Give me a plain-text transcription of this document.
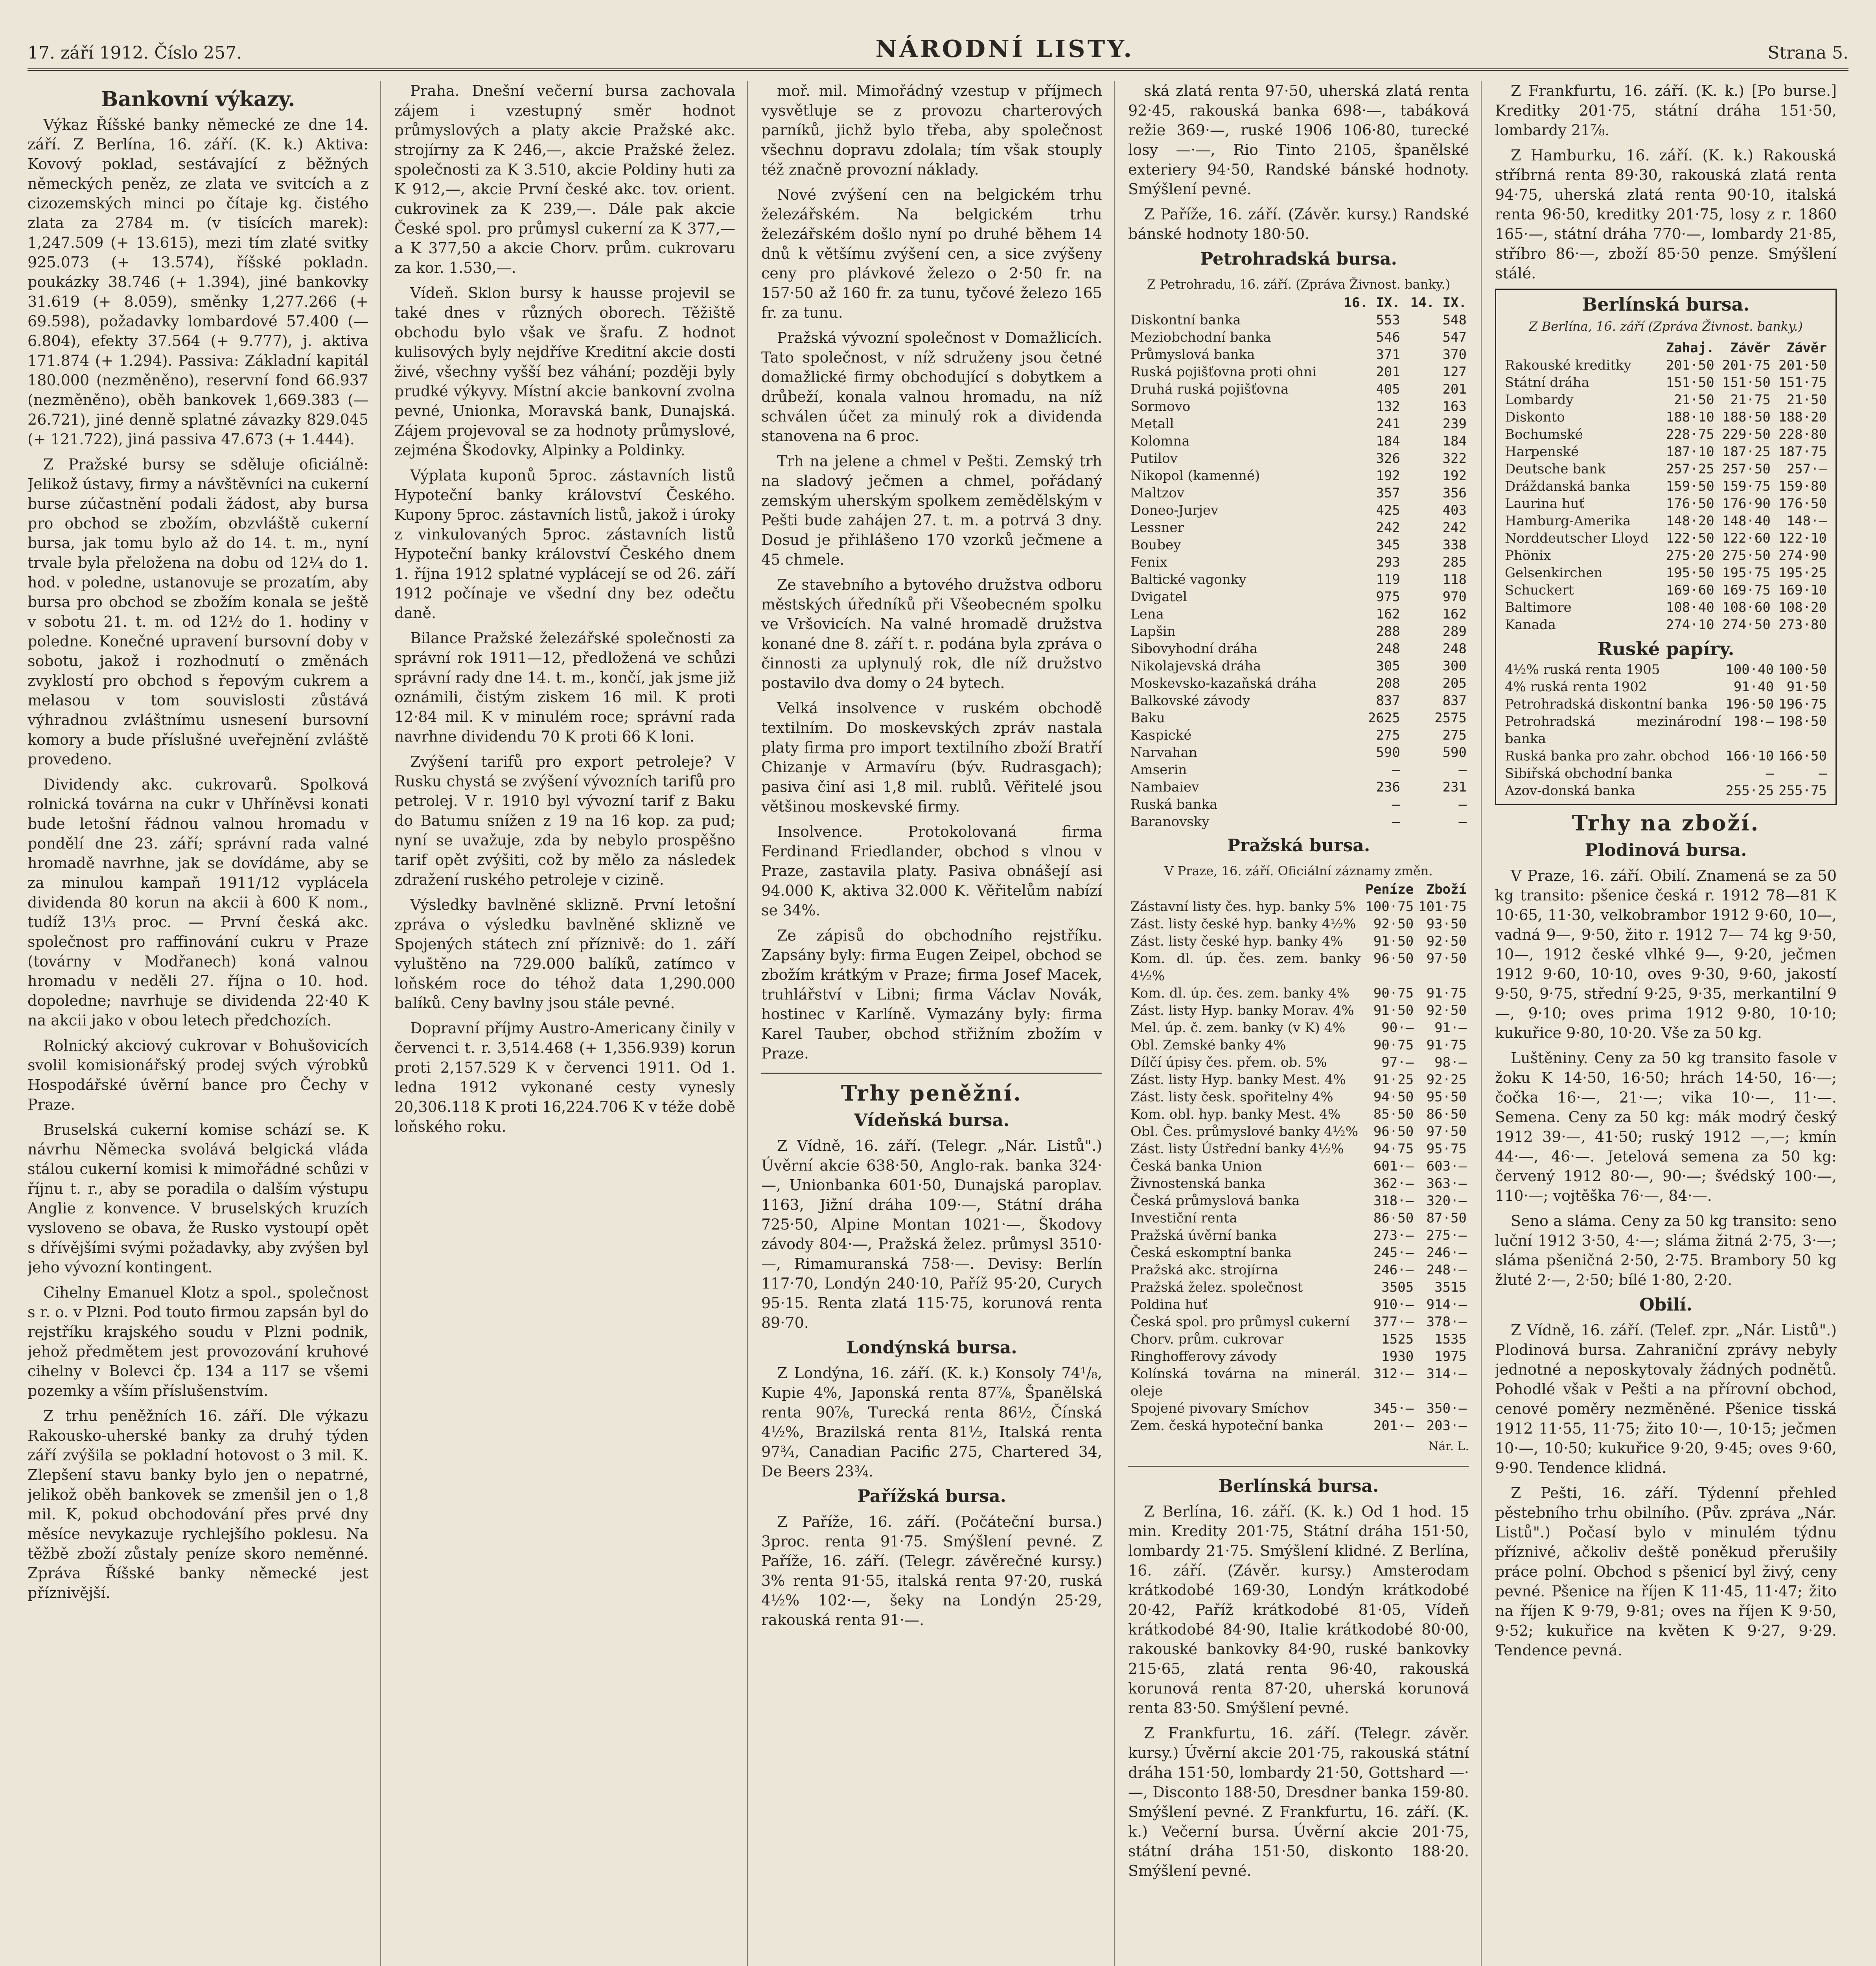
17. září 1912. Číslo 257.	NÁRODNÍ LISTY.	Strana 5.
Bankovní výkazy.

Výkaz Říšské banky německé ze dne 14. září. Z Berlína, 16. září. (K. k.) Aktiva: Kovový poklad, sestávající z běžných německých peněz, ze zlata ve svitcích a z cizozemských minci po čítaje kg. čistého zlata za 2784 m. (v tisících marek): 1,247.509 (+ 13.615), mezi tím zlaté svitky 925.073 (+ 13.574), říšské pokladn. poukázky 38.746 (+ 1.394), jiné bankovky 31.619 (+ 8.059), směnky 1,277.266 (+ 69.598), požadavky lombardové 57.400 (— 6.804), efekty 37.564 (+ 9.777), j. aktiva 171.874 (+ 1.294). Passiva: Základní kapitál 180.000 (nezměněno), reservní fond 66.937 (nezměněno), oběh bankovek 1,669.383 (— 26.721), jiné denně splatné závazky 829.045 (+ 121.722), jiná passiva 47.673 (+ 1.444).

Z Pražské bursy se sděluje oficiálně: Jelikož ústavy, firmy a návštěvníci na cukerní burse zúčastnění podali žádost, aby bursa pro obchod se zbožím, obzvláště cukerní bursa, jak tomu bylo až do 14. t. m., nyní trvale byla přeložena na dobu od 12¼ do 1. hod. v poledne, ustanovuje se prozatím, aby bursa pro obchod se zbožím konala se ještě v sobotu 21. t. m. od 12½ do 1. hodiny v poledne. Konečné upravení bursovní doby v sobotu, jakož i rozhodnutí o změnách zvyklostí pro obchod s řepovým cukrem a melasou v tom souvislosti zůstává výhradnou zvláštnímu usnesení bursovní komory a bude příslušné uveřejnění zvláště provedeno.

Dividendy akc. cukrovarů. Spolková rolnická továrna na cukr v Uhříněvsi konati bude letošní řádnou valnou hromadu v pondělí dne 23. září; správní rada valné hromadě navrhne, jak se dovídáme, aby se za minulou kampaň 1911/12 vyplácela dividenda 80 korun na akcii à 600 K nom., tudíž 13⅓ proc. — První česká akc. společnost pro raffinování cukru v Praze (továrny v Modřanech) koná valnou hromadu v neděli 27. října o 10. hod. dopoledne; navrhuje se dividenda 22·40 K na akcii jako v obou letech předchozích.

Rolnický akciový cukrovar v Bohušovicích svolil komisionářský prodej svých výrobků Hospodářské úvěrní bance pro Čechy v Praze.

Bruselská cukerní komise schází se. K návrhu Německa svolává belgická vláda stálou cukerní komisi k mimořádné schůzi v říjnu t. r., aby se poradila o dalším výstupu Anglie z konvence. V bruselských kruzích vysloveno se obava, že Rusko vystoupí opět s dřívějšími svými požadavky, aby zvýšen byl jeho vývozní kontingent.

Cihelny Emanuel Klotz a spol., společnost s r. o. v Plzni. Pod touto firmou zapsán byl do rejstříku krajského soudu v Plzni podnik, jehož předmětem jest provozování kruhové cihelny v Bolevci čp. 134 a 117 se všemi pozemky a vším příslušenstvím.

Z trhu peněžních 16. září. Dle výkazu Rakousko-uherské banky za druhý týden září zvýšila se pokladní hotovost o 3 mil. K. Zlepšení stavu banky bylo jen o nepatrné, jelikož oběh bankovek se zmenšil jen o 1,8 mil. K, pokud obchodování přes prvé dny měsíce nevykazuje rychlejšího poklesu. Na těžbě zboží zůstaly peníze skoro neměnné. Zpráva Říšské banky německé jest příznivější.

Praha. Dnešní večerní bursa zachovala zájem i vzestupný směr hodnot průmyslových a platy akcie Pražské akc. strojírny za K 246,—, akcie Pražské želez. společnosti za K 3.510, akcie Poldiny huti za K 912,—, akcie První české akc. tov. orient. cukrovinek za K 239,—. Dále pak akcie České spol. pro průmysl cukerní za K 377,— a K 377,50 a akcie Chorv. prům. cukrovaru za kor. 1.530,—.

Vídeň. Sklon bursy k hausse projevil se také dnes v různých oborech. Těžiště obchodu bylo však ve šrafu. Z hodnot kulisových byly nejdříve Kreditní akcie dosti živé, všechny vyšší bez váhání; později byly prudké výkyvy. Místní akcie bankovní zvolna pevné, Unionka, Moravská bank, Dunajská. Zájem projevoval se za hodnoty průmyslové, zejména Škodovky, Alpinky a Poldinky.

Výplata kuponů 5proc. zástavních listů Hypoteční banky království Českého. Kupony 5proc. zástavních listů, jakož i úroky z vinkulovaných 5proc. zástavních listů Hypoteční banky království Českého dnem 1. října 1912 splatné vyplácejí se od 26. září 1912 počínaje ve všední dny bez odečtu daně.

Bilance Pražské železářské společnosti za správní rok 1911—12, předložená ve schůzi správní rady dne 14. t. m., končí, jak jsme již oznámili, čistým ziskem 16 mil. K proti 12·84 mil. K v minulém roce; správní rada navrhne dividendu 70 K proti 66 K loni.

Zvýšení tarifů pro export petroleje? V Rusku chystá se zvýšení vývozních tarifů pro petrolej. V r. 1910 byl vývozní tarif z Baku do Batumu snížen z 19 na 16 kop. za pud; nyní se uvažuje, zda by nebylo prospěšno tarif opět zvýšiti, což by mělo za následek zdražení ruského petroleje v cizině.

Výsledky bavlněné sklizně. První letošní zpráva o výsledku bavlněné sklizně ve Spojených státech zní příznivě: do 1. září vyluštěno na 729.000 balíků, zatímco v loňském roce do téhož data 1,290.000 balíků. Ceny bavlny jsou stále pevné.

Dopravní příjmy Austro-Americany činily v červenci t. r. 3,514.468 (+ 1,356.939) korun proti 2,157.529 K v červenci 1911. Od 1. ledna 1912 vykonané cesty vynesly 20,306.118 K proti 16,224.706 K v téže době loňského roku.

moř. mil. Mimořádný vzestup v příjmech vysvětluje se z provozu charterových parníků, jichž bylo třeba, aby společnost všechnu dopravu zdolala; tím však stouply též značně provozní náklady.

Nové zvýšení cen na belgickém trhu železářském. Na belgickém trhu železářském došlo nyní po druhé během 14 dnů k většímu zvýšení cen, a sice zvýšeny ceny pro plávkové železo o 2·50 fr. na 157·50 až 160 fr. za tunu, tyčové železo 165 fr. za tunu.

Pražská vývozní společnost v Domažlicích. Tato společnost, v níž sdruženy jsou četné domažlické firmy obchodující s dobytkem a drůbeží, konala valnou hromadu, na níž schválen účet za minulý rok a dividenda stanovena na 6 proc.

Trh na jelene a chmel v Pešti. Zemský trh na sladový ječmen a chmel, pořádaný zemským uherským spolkem zemědělským v Pešti bude zahájen 27. t. m. a potrvá 3 dny. Dosud je přihlášeno 170 vzorků ječmene a 45 chmele.

Ze stavebního a bytového družstva odboru městských úředníků při Všeobecném spolku ve Vršovicích. Na valné hromadě družstva konané dne 8. září t. r. podána byla zpráva o činnosti za uplynulý rok, dle níž družstvo postavilo dva domy o 24 bytech.

Velká insolvence v ruském obchodě textilním. Do moskevských zpráv nastala platy firma pro import textilního zboží Bratří Chizanje v Armavíru (býv. Rudrasgach); pasiva činí asi 1,8 mil. rublů. Věřitelé jsou většinou moskevské firmy.

Insolvence. Protokolovaná firma Ferdinand Friedlander, obchod s vlnou v Praze, zastavila platy. Pasiva obnášejí asi 94.000 K, aktiva 32.000 K. Věřitelům nabízí se 34%.

Ze zápisů do obchodního rejstříku. Zapsány byly: firma Eugen Zeipel, obchod se zbožím krátkým v Praze; firma Josef Macek, truhlářství v Libni; firma Václav Novák, hostinec v Karlíně. Vymazány byly: firma Karel Tauber, obchod střižním zbožím v Praze.

Trhy peněžní.
Vídeňská bursa.

Z Vídně, 16. září. (Telegr. „Nár. Listů".) Úvěrní akcie 638·50, Anglo-rak. banka 324·—, Unionbanka 601·50, Dunajská paroplav. 1163, Jižní dráha 109·—, Státní dráha 725·50, Alpine Montan 1021·—, Škodovy závody 804·—, Pražská želez. průmysl 3510·—, Rimamuranská 758·—. Devisy: Berlín 117·70, Londýn 240·10, Paříž 95·20, Curych 95·15. Renta zlatá 115·75, korunová renta 89·70.

Londýnská bursa.

Z Londýna, 16. září. (K. k.) Konsoly 74¹/₈, Kupie 4%, Japonská renta 87⅞, Španělská renta 90⅞, Turecká renta 86½, Čínská 4½%, Brazilská renta 81½, Italská renta 97¾, Canadian Pacific 275, Chartered 34, De Beers 23¾.

Pařížská bursa.

Z Paříže, 16. září. (Počáteční bursa.) 3proc. renta 91·75. Smýšlení pevné. Z Paříže, 16. září. (Telegr. závěrečné kursy.) 3% renta 91·55, italská renta 97·20, ruská 4½% 102·—, šeky na Londýn 25·29, rakouská renta 91·—.

ská zlatá renta 97·50, uherská zlatá renta 92·45, rakouská banka 698·—, tabáková režie 369·—, ruské 1906 106·80, turecké losy —·—, Rio Tinto 2105, španělské exteriery 94·50, Randské bánské hodnoty. Smýšlení pevné.

Z Paříže, 16. září. (Závěr. kursy.) Randské bánské hodnoty 180·50.

Petrohradská bursa.
Z Petrohradu, 16. září. (Zpráva Živnost. banky.)
	16. IX.	14. IX.
Diskontní banka	553	548
Meziobchodní banka	546	547
Průmyslová banka	371	370
Ruská pojišťovna proti ohni	201	127
Druhá ruská pojišťovna	405	201
Sormovo	132	163
Metall	241	239
Kolomna	184	184
Putilov	326	322
Nikopol (kamenné)	192	192
Maltzov	357	356
Doneo-Jurjev	425	403
Lessner	242	242
Boubey	345	338
Fenix	293	285
Baltické vagonky	119	118
Dvigatel	975	970
Lena	162	162
Lapšin	288	289
Sibovyhodní dráha	248	248
Nikolajevská dráha	305	300
Moskevsko-kazaňská dráha	208	205
Balkovské závody	837	837
Baku	2625	2575
Kaspické	275	275
Narvahan	590	590
Amserin	—	—
Nambaiev	236	231
Ruská banka	—	—
Baranovsky	—	—
Pražská bursa.
V Praze, 16. září. Oficiální záznamy změn.
	Peníze	Zboží
Zástavní listy čes. hyp. banky 5%	100·75	101·75
Zást. listy české hyp. banky 4½%	92·50	93·50
Zást. listy české hyp. banky 4%	91·50	92·50
Kom. dl. úp. čes. zem. banky 4½%	96·50	97·50
Kom. dl. úp. čes. zem. banky 4%	90·75	91·75
Zást. listy Hyp. banky Morav. 4%	91·50	92·50
Mel. úp. č. zem. banky (v K) 4%	90·—	91·—
Obl. Zemské banky 4%	90·75	91·75
Dílčí úpisy čes. přem. ob. 5%	97·—	98·—
Zást. listy Hyp. banky Mest. 4%	91·25	92·25
Zást. listy česk. spořitelny 4%	94·50	95·50
Kom. obl. hyp. banky Mest. 4%	85·50	86·50
Obl. Čes. průmyslové banky 4½%	96·50	97·50
Zást. listy Ústřední banky 4½%	94·75	95·75
Česká banka Union	601·—	603·—
Živnostenská banka	362·—	363·—
Česká průmyslová banka	318·—	320·—
Investiční renta	86·50	87·50
Pražská úvěrní banka	273·—	275·—
Česká eskomptní banka	245·—	246·—
Pražská akc. strojírna	246·—	248·—
Pražská želez. společnost	3505	3515
Poldina huť	910·—	914·—
Česká spol. pro průmysl cukerní	377·—	378·—
Chorv. prům. cukrovar	1525	1535
Ringhofferovy závody	1930	1975
Kolínská továrna na minerál. oleje	312·—	314·—
Spojené pivovary Smíchov	345·—	350·—
Zem. česká hypoteční banka	201·—	203·—
Nár. L.
Berlínská bursa.

Z Berlína, 16. září. (K. k.) Od 1 hod. 15 min. Kredity 201·75, Státní dráha 151·50, lombardy 21·75. Smýšlení klidné. Z Berlína, 16. září. (Závěr. kursy.) Amsterodam krátkodobé 169·30, Londýn krátkodobé 20·42, Paříž krátkodobé 81·05, Vídeň krátkodobé 84·90, Italie krátkodobé 80·00, rakouské bankovky 84·90, ruské bankovky 215·65, zlatá renta 96·40, rakouská korunová renta 87·20, uherská korunová renta 83·50. Smýšlení pevné.

Z Frankfurtu, 16. září. (Telegr. závěr. kursy.) Úvěrní akcie 201·75, rakouská státní dráha 151·50, lombardy 21·50, Gottshard —·—, Disconto 188·50, Dresdner banka 159·80. Smýšlení pevné. Z Frankfurtu, 16. září. (K. k.) Večerní bursa. Úvěrní akcie 201·75, státní dráha 151·50, diskonto 188·20. Smýšlení pevné.

Z Frankfurtu, 16. září. (K. k.) [Po burse.] Kreditky 201·75, státní dráha 151·50, lombardy 21⅞.

Z Hamburku, 16. září. (K. k.) Rakouská stříbrná renta 89·30, rakouská zlatá renta 94·75, uherská zlatá renta 90·10, italská renta 96·50, kreditky 201·75, losy z r. 1860 165·—, státní dráha 770·—, lombardy 21·85, stříbro 86·—, zboží 85·50 penze. Smýšlení stálé.

Berlínská bursa.
Z Berlína, 16. září (Zpráva Živnost. banky.)
	Zahaj.	Závěr	Závěr
Rakouské kreditky	201·50	201·75	201·50
Státní dráha	151·50	151·50	151·75
Lombardy	21·50	21·75	21·50
Diskonto	188·10	188·50	188·20
Bochumské	228·75	229·50	228·80
Harpenské	187·10	187·25	187·75
Deutsche bank	257·25	257·50	257·—
Dráždanská banka	159·50	159·75	159·80
Laurina huť	176·50	176·90	176·50
Hamburg-Amerika	148·20	148·40	148·—
Norddeutscher Lloyd	122·50	122·60	122·10
Phönix	275·20	275·50	274·90
Gelsenkirchen	195·50	195·75	195·25
Schuckert	169·60	169·75	169·10
Baltimore	108·40	108·60	108·20
Kanada	274·10	274·50	273·80
Ruské papíry.
4½% ruská renta 1905	100·40	100·50
4% ruská renta 1902	91·40	91·50
Petrohradská diskontní banka	196·50	196·75
Petrohradská mezinárodní banka	198·—	198·50
Ruská banka pro zahr. obchod	166·10	166·50
Sibiřská obchodní banka	—	—
Azov-donská banka	255·25	255·75
Trhy na zboží.
Plodinová bursa.

V Praze, 16. září. Obilí. Znamená se za 50 kg transito: pšenice česká r. 1912 78—81 K 10·65, 11·30, velkobrambor 1912 9·60, 10—, vadná 9—, 9·50, žito r. 1912 7— 74 kg 9·50, 10—, 1912 české vlhké 9—, 9·20, ječmen 1912 9·60, 10·10, oves 9·30, 9·60, jakostí 9·50, 9·75, střední 9·25, 9·35, merkantilní 9—, 9·10; oves prima 1912 9·80, 10·10; kukuřice 9·80, 10·20. Vše za 50 kg.

Luštěniny. Ceny za 50 kg transito fasole v žoku K 14·50, 16·50; hrách 14·50, 16·—; čočka 16·—, 21·—; vika 10·—, 11·—. Semena. Ceny za 50 kg: mák modrý český 1912 39·—, 41·50; ruský 1912 —,—; kmín 44·—, 46·—. Jetelová semena za 50 kg: červený 1912 80·—, 90·—; švédský 100·—, 110·—; vojtěška 76·—, 84·—.

Seno a sláma. Ceny za 50 kg transito: seno luční 1912 3·50, 4·—; sláma žitná 2·75, 3·—; sláma pšeničná 2·50, 2·75. Brambory 50 kg žluté 2·—, 2·50; bílé 1·80, 2·20.

Obilí.

Z Vídně, 16. září. (Telef. zpr. „Nár. Listů".) Plodinová bursa. Zahraniční zprávy nebyly jednotné a neposkytovaly žádných podnětů. Pohodlé však v Pešti a na přírovní obchod, cenové poměry nezměněné. Pšenice tisská 1912 11·55, 11·75; žito 10·—, 10·15; ječmen 10·—, 10·50; kukuřice 9·20, 9·45; oves 9·60, 9·90. Tendence klidná.

Z Pešti, 16. září. Týdenní přehled pěstebního trhu obilního. (Pův. zpráva „Nár. Listů".) Počasí bylo v minulém týdnu příznivé, ačkoliv deště poněkud přerušily práce polní. Obchod s pšenicí byl živý, ceny pevné. Pšenice na říjen K 11·45, 11·47; žito na říjen K 9·79, 9·81; oves na říjen K 9·50, 9·52; kukuřice na květen K 9·27, 9·29. Tendence pevná.
